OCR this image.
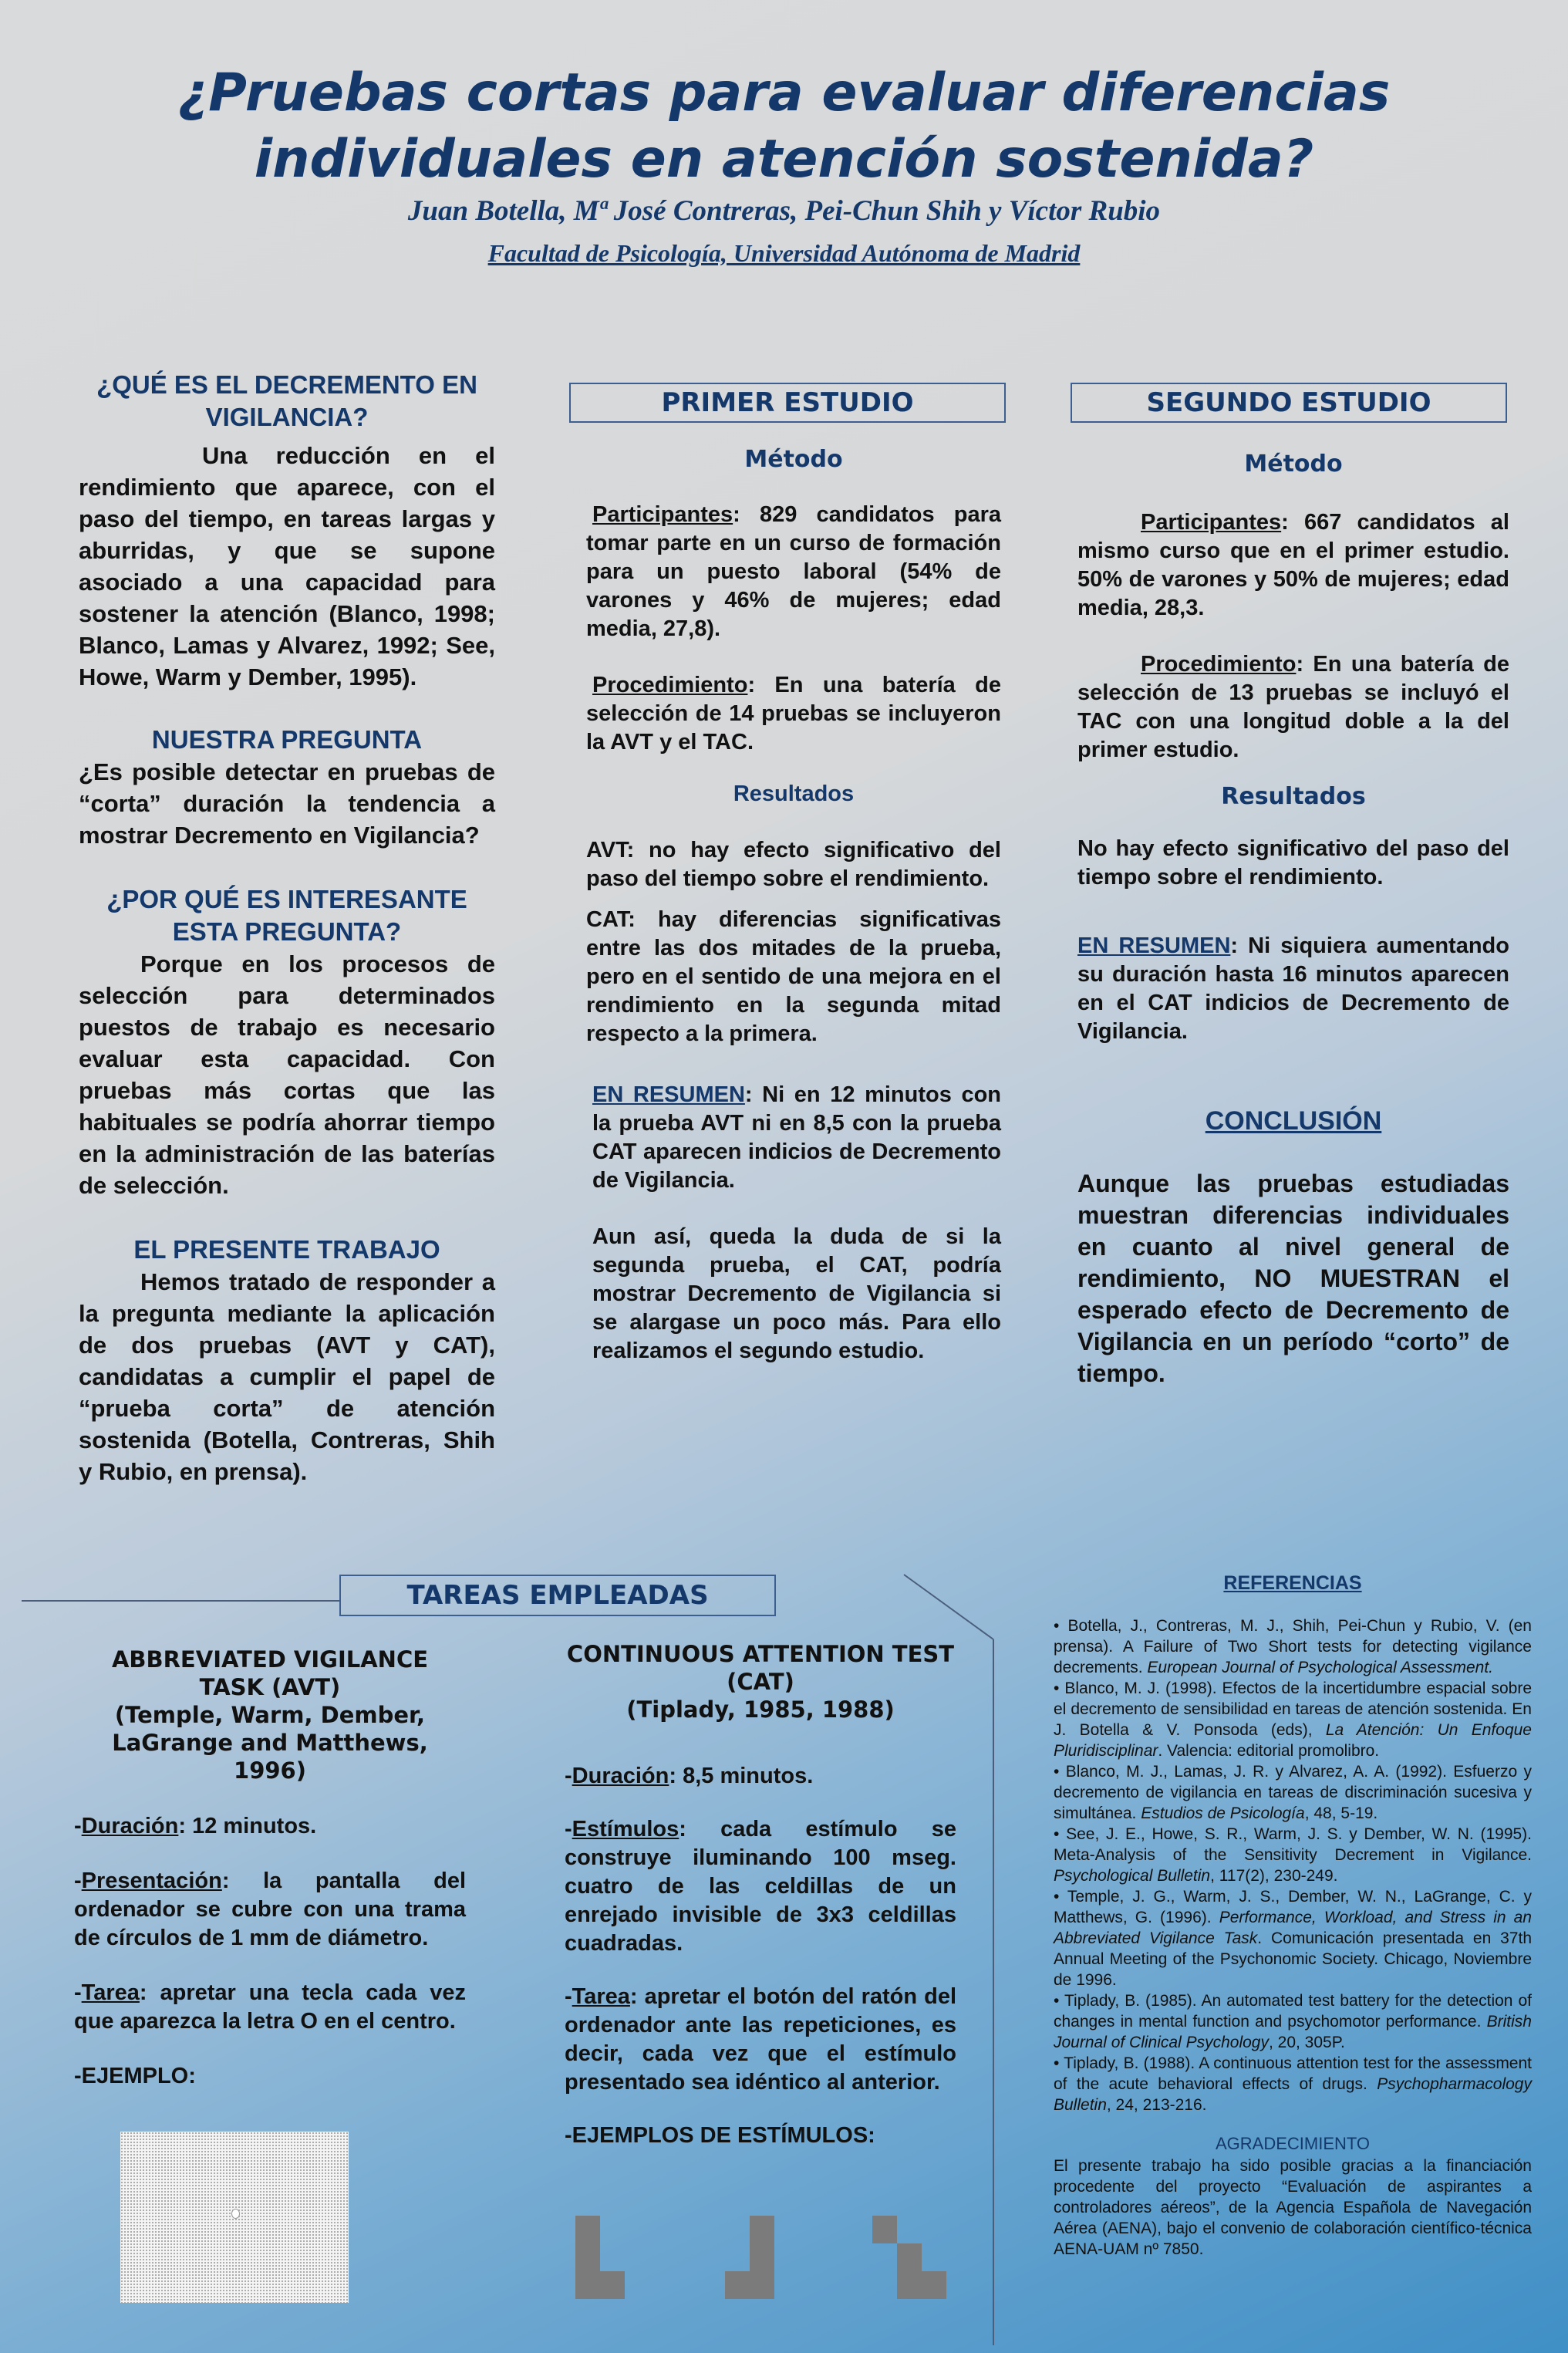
¿Pruebas cortas para evaluar diferencias
individuales en atención sostenida?
Juan Botella, Mª José Contreras, Pei-Chun Shih y Víctor Rubio
Facultad de Psicología, Universidad Autónoma de Madrid
¿QUÉ ES EL DECREMENTO EN VIGILANCIA?

Una reducción en el rendimiento que aparece, con el paso del tiempo, en tareas largas y aburridas, y que se supone asociado a una capacidad para sostener la atención (Blanco, 1998; Blanco, Lamas y Alvarez, 1992; See, Howe, Warm y Dember, 1995).

NUESTRA PREGUNTA

¿Es posible detectar en pruebas de “corta” duración la tendencia a mostrar Decremento en Vigilancia?

¿POR QUÉ ES INTERESANTE ESTA PREGUNTA?

Porque en los procesos de selección para determinados puestos de trabajo es necesario evaluar esta capacidad. Con pruebas más cortas que las habituales se podría ahorrar tiempo en la administración de las baterías de selección.

EL PRESENTE TRABAJO

Hemos tratado de responder a la pregunta mediante la aplicación de dos pruebas (AVT y CAT), candidatas a cumplir el papel de “prueba corta” de atención sostenida (Botella, Contreras, Shih y Rubio, en prensa).

PRIMER ESTUDIO
Método

Participantes: 829 candidatos para tomar parte en un curso de formación para un puesto laboral (54% de varones y 46% de mujeres; edad media, 27,8).

Procedimiento: En una batería de selección de 14 pruebas se incluyeron la AVT y el TAC.

Resultados

AVT: no hay efecto significativo del paso del tiempo sobre el rendimiento.

CAT: hay diferencias significativas entre las dos mitades de la prueba, pero en el sentido de una mejora en el rendimiento en la segunda mitad respecto a la primera.

EN RESUMEN: Ni en 12 minutos con la prueba AVT ni en 8,5 con la prueba CAT aparecen indicios de Decremento de Vigilancia.

Aun así, queda la duda de si la segunda prueba, el CAT, podría mostrar Decremento de Vigilancia si se alargase un poco más. Para ello realizamos el segundo estudio.

SEGUNDO ESTUDIO
Método

Participantes: 667 candidatos al mismo curso que en el primer estudio. 50% de varones y 50% de mujeres; edad media, 28,3.

Procedimiento: En una batería de selección de 13 pruebas se incluyó el TAC con una longitud doble a la del primer estudio.

Resultados

No hay efecto significativo del paso del tiempo sobre el rendimiento.

EN RESUMEN: Ni siquiera aumentando su duración hasta 16 minutos aparecen en el CAT indicios de Decremento de Vigilancia.

CONCLUSIÓN

Aunque las pruebas estudiadas muestran diferencias individuales en cuanto al nivel general de rendimiento, NO MUESTRAN el esperado efecto de Decremento de Vigilancia en un período “corto” de tiempo.

TAREAS EMPLEADAS
ABBREVIATED VIGILANCE TASK (AVT)
(Temple, Warm, Dember, LaGrange and Matthews, 1996)

-Duración: 12 minutos.

-Presentación: la pantalla del ordenador se cubre con una trama de círculos de 1 mm de diámetro.

-Tarea: apretar una tecla cada vez que aparezca la letra O en el centro.

-EJEMPLO:

CONTINUOUS ATTENTION TEST (CAT)
(Tiplady, 1985, 1988)

-Duración: 8,5 minutos.

-Estímulos: cada estímulo se construye iluminando 100 mseg. cuatro de las celdillas de un enrejado invisible de 3x3 celdillas cuadradas.

-Tarea: apretar el botón del ratón del ordenador ante las repeticiones, es decir, cada vez que el estímulo presentado sea idéntico al anterior.

-EJEMPLOS DE ESTÍMULOS:

REFERENCIAS

• Botella, J., Contreras, M. J., Shih, Pei-Chun y Rubio, V. (en prensa). A Failure of Two Short tests for detecting vigilance decrements. European Journal of Psychological Assessment.

• Blanco, M. J. (1998). Efectos de la incertidumbre espacial sobre el decremento de sensibilidad en tareas de atención sostenida. En J. Botella & V. Ponsoda (eds), La Atención: Un Enfoque Pluridisciplinar. Valencia: editorial promolibro.

• Blanco, M. J., Lamas, J. R. y Alvarez, A. A. (1992). Esfuerzo y decremento de vigilancia en tareas de discriminación sucesiva y simultánea. Estudios de Psicología, 48, 5-19.

• See, J. E., Howe, S. R., Warm, J. S. y Dember, W. N. (1995). Meta-Analysis of the Sensitivity Decrement in Vigilance. Psychological Bulletin, 117(2), 230-249.

• Temple, J. G., Warm, J. S., Dember, W. N., LaGrange, C. y Matthews, G. (1996). Performance, Workload, and Stress in an Abbreviated Vigilance Task. Comunicación presentada en 37th Annual Meeting of the Psychonomic Society. Chicago, Noviembre de 1996.

• Tiplady, B. (1985). An automated test battery for the detection of changes in mental function and psychomotor performance. British Journal of Clinical Psychology, 20, 305P.

• Tiplady, B. (1988). A continuous attention test for the assessment of the acute behavioral effects of drugs. Psychopharmacology Bulletin, 24, 213-216.

AGRADECIMIENTO

El presente trabajo ha sido posible gracias a la financiación procedente del proyecto “Evaluación de aspirantes a controladores aéreos”, de la Agencia Española de Navegación Aérea (AENA), bajo el convenio de colaboración científico-técnica AENA-UAM nº 7850.
